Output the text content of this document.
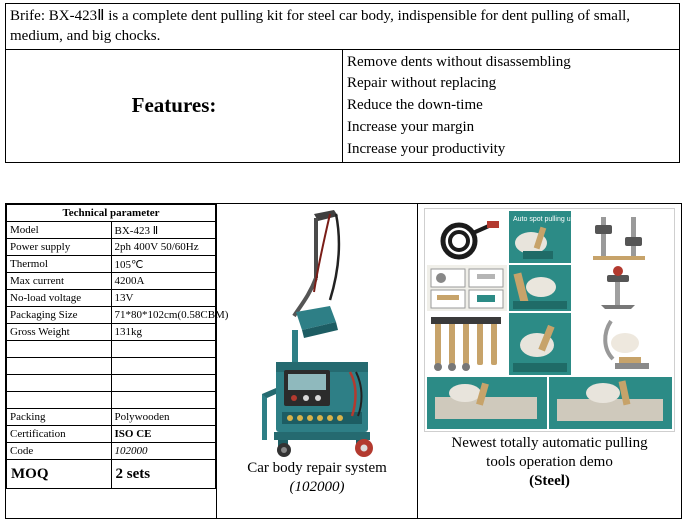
Brife: BX-423Ⅱ is a complete dent pulling kit for steel car body, indispensible for dent pulling of small, medium, and big chocks.
Features:	
Remove dents without disassembling
Repair without replacing
Reduce the down-time
Increase your margin
Increase your productivity
Technical parameter
Model	BX-423 Ⅱ
Power supply	2ph 400V 50/60Hz
Thermol	105℃
Max current	4200A
No-load voltage	13V
Packaging Size	71*80*102cm(0.58CBM)
Gross Weight	131kg

Packing	Polywooden
Certification	ISO CE
Code	102000
MOQ	2 sets
		Car body repair system
(102000)

Auto spot pulling unit
Newest totally automatic pulling
tools operation demo
(Steel)
